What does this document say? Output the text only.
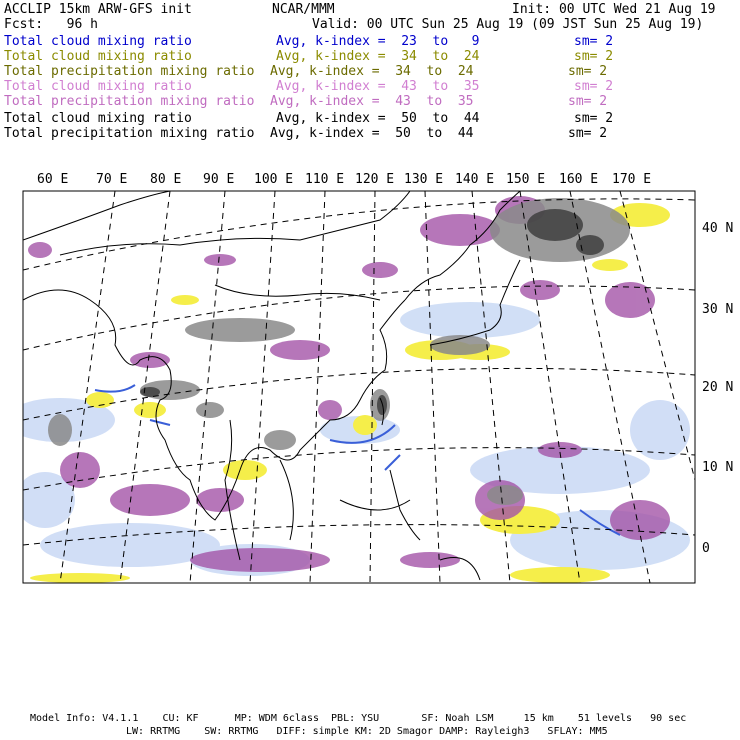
ACCLIP 15km ARW-GFS init	NCAR/MMM	Init: 00 UTC Wed 21 Aug 19
Fcst:   96 h	Valid: 00 UTC Sun 25 Aug 19 (09 JST Sun 25 Aug 19)
Total cloud mixing ratio	Avg, k-index =  23  to   9	sm= 2
Total cloud mixing ratio	Avg, k-index =  34  to  24	sm= 2
Total precipitation mixing ratio Avg, k-index =  34  to  24	sm= 2
Total cloud mixing ratio	Avg, k-index =  43  to  35	sm= 2
Total precipitation mixing ratio Avg, k-index =  43  to  35	sm= 2
Total cloud mixing ratio	Avg, k-index =  50  to  44	sm= 2
Total precipitation mixing ratio Avg, k-index =  50  to  44	sm= 2
60 E 70 E 80 E 90 E 100 E 110 E 120 E 130 E 140 E 150 E 160 E 170 E
40 N
30 N
20 N
10 N
0
Model Info: V4.1.1    CU: KF      MP: WDM 6class  PBL: YSU       SF: Noah LSM     15 km    51 levels   90 sec
LW: RRTMG    SW: RRTMG   DIFF: simple KM: 2D Smagor DAMP: Rayleigh3   SFLAY: MM5
